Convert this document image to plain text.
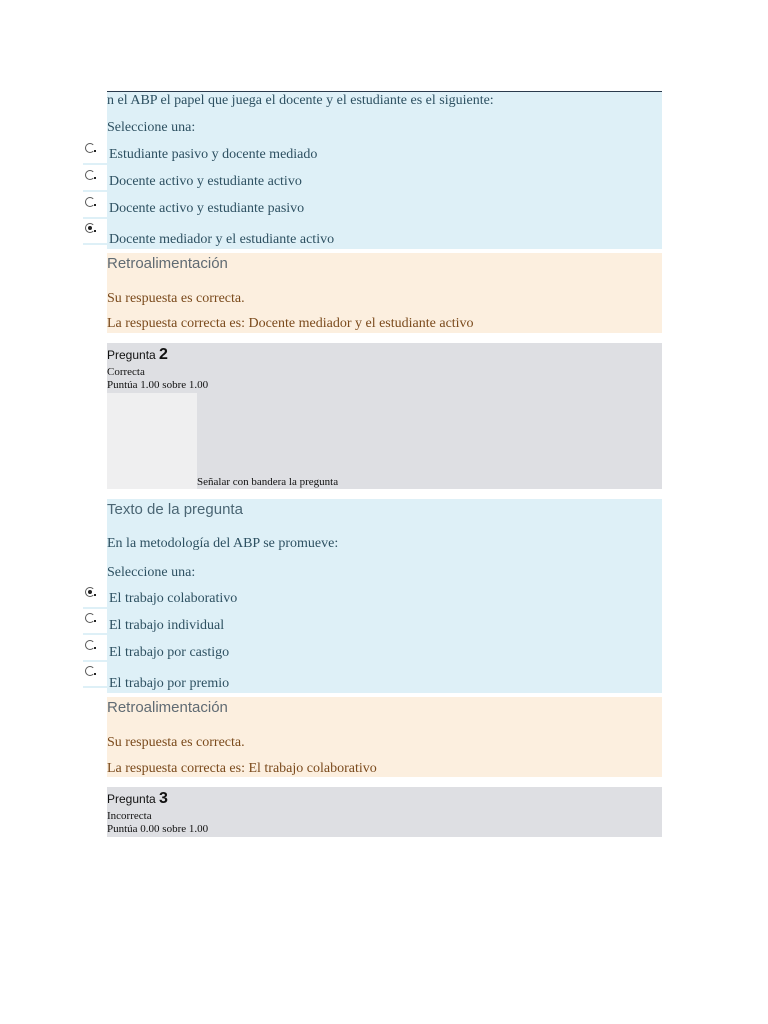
n el ABP el papel que juega el docente y el estudiante es el siguiente:
Seleccione una:
Estudiante pasivo y docente mediado
Docente activo y estudiante activo
Docente activo y estudiante pasivo
Docente mediador y el estudiante activo
Retroalimentación
Su respuesta es correcta.
La respuesta correcta es: Docente mediador y el estudiante activo
Pregunta 2
Correcta
Puntúa 1.00 sobre 1.00
Señalar con bandera la pregunta
Texto de la pregunta
En la metodología del ABP se promueve:
Seleccione una:
El trabajo colaborativo
El trabajo individual
El trabajo por castigo
El trabajo por premio
Retroalimentación
Su respuesta es correcta.
La respuesta correcta es: El trabajo colaborativo
Pregunta 3
Incorrecta
Puntúa 0.00 sobre 1.00
